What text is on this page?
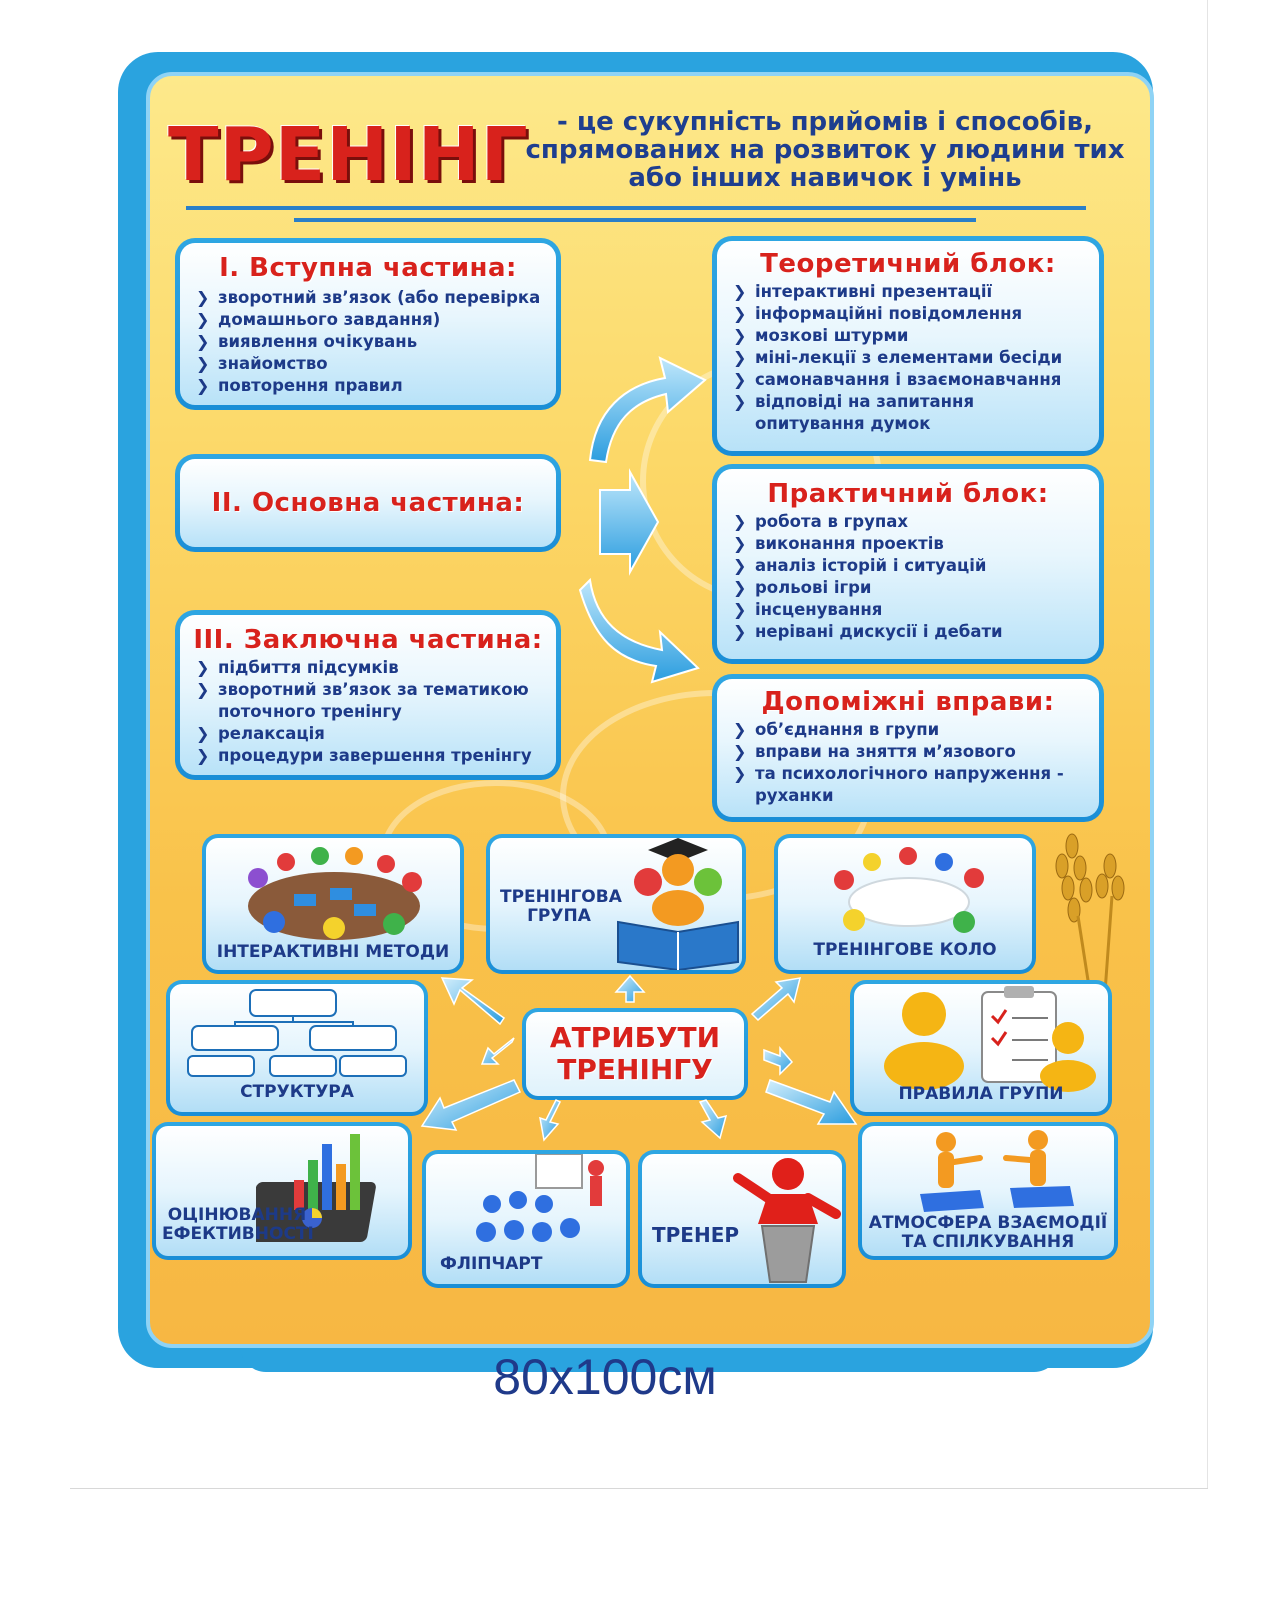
ТРЕНІНГ	- це сукупність прийомів і способів,
спрямованих на розвиток у людини тих
або інших навичок і умінь
I. Вступна частина:
❯ зворотний зв’язок (або перевірка
❯ домашнього завдання)
❯ виявлення очікувань
❯ знайомство
❯ повторення правил
II. Основна частина:
III. Заключна частина:
❯ підбиття підсумків
❯ зворотний зв’язок за тематикою
поточного тренінгу
❯ релаксація
❯ процедури завершення тренінгу
Теоретичний блок:
❯ інтерактивні презентації
❯ інформаційні повідомлення
❯ мозкові штурми
❯ міні-лекції з елементами бесіди
❯ самонавчання і взаємонавчання
❯ відповіді на запитання
опитування думок
Практичний блок:
❯ робота в групах
❯ виконання проектів
❯ аналіз історій і ситуацій
❯ рольові ігри
❯ інсценування
❯ нерівані дискусії і дебати
Допоміжні вправи:
❯ об’єднання в групи
❯ вправи на зняття м’язового
❯ та психологічного напруження -
руханки
ІНТЕРАКТИВНІ МЕТОДИ
ТРЕНІНГОВА
ГРУПА
ТРЕНІНГОВЕ КОЛО
СТРУКТУРА
АТРИБУТИ
ТРЕНІНГУ
ПРАВИЛА ГРУПИ
ОЦІНЮВАННЯ
ЕФЕКТИВНОСТІ
ФЛІПЧАРТ
ТРЕНЕР	АТМОСФЕРА ВЗАЄМОДІЇ
ТА СПІЛКУВАННЯ
80x100см
